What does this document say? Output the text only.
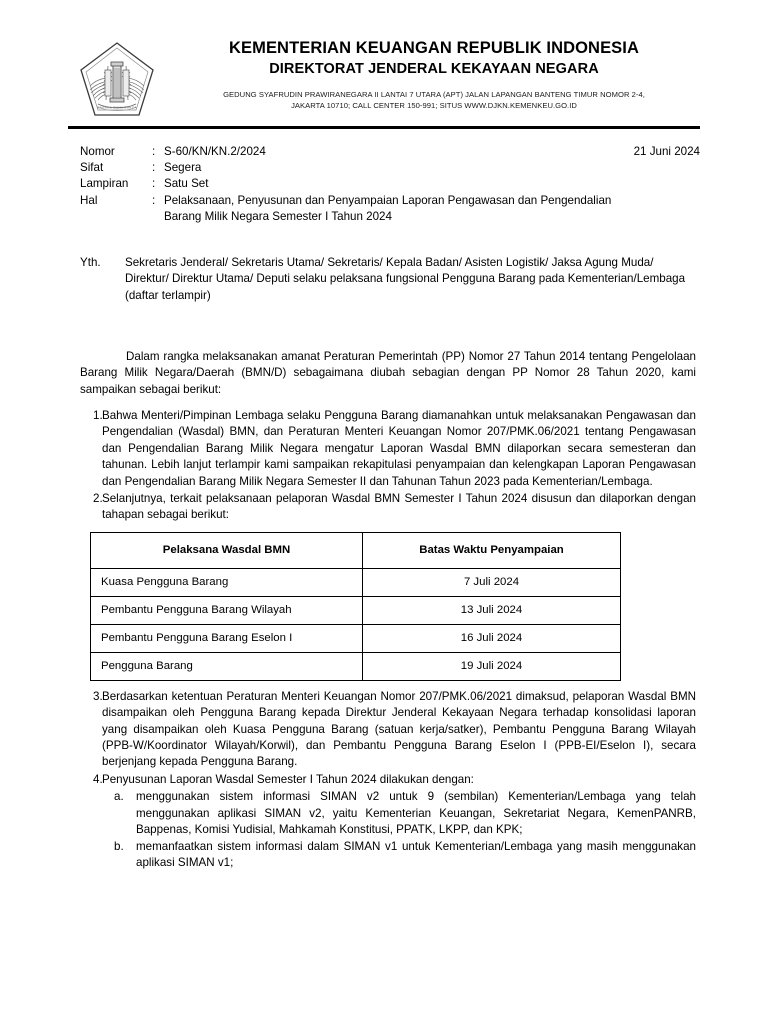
NAGARA DANA RAKCA
KEMENTERIAN KEUANGAN REPUBLIK INDONESIA
DIREKTORAT JENDERAL KEKAYAAN NEGARA
GEDUNG SYAFRUDIN PRAWIRANEGARA II LANTAI 7 UTARA (APT) JALAN LAPANGAN BANTENG TIMUR NOMOR 2-4,
JAKARTA 10710; CALL CENTER 150-991; SITUS WWW.DJKN.KEMENKEU.GO.ID
21 Juni 2024
Nomor	: S-60/KN/KN.2/2024
Sifat	: Segera
Lampiran	: Satu Set
Hal	: Pelaksanaan, Penyusunan dan Penyampaian Laporan Pengawasan dan Pengendalian Barang Milik Negara Semester I Tahun 2024
Yth.	Sekretaris Jenderal/ Sekretaris Utama/ Sekretaris/ Kepala Badan/ Asisten Logistik/ Jaksa Agung Muda/ Direktur/ Direktur Utama/ Deputi selaku pelaksana fungsional Pengguna Barang pada Kementerian/Lembaga
(daftar terlampir)
Dalam rangka melaksanakan amanat Peraturan Pemerintah (PP) Nomor 27 Tahun 2014 tentang Pengelolaan Barang Milik Negara/Daerah (BMN/D) sebagaimana diubah sebagian dengan PP Nomor 28 Tahun 2020, kami sampaikan sebagai berikut:
1. Bahwa Menteri/Pimpinan Lembaga selaku Pengguna Barang diamanahkan untuk melaksanakan Pengawasan dan Pengendalian (Wasdal) BMN, dan Peraturan Menteri Keuangan Nomor 207/PMK.06/2021 tentang Pengawasan dan Pengendalian Barang Milik Negara mengatur Laporan Wasdal BMN dilaporkan secara semesteran dan tahunan. Lebih lanjut terlampir kami sampaikan rekapitulasi penyampaian dan kelengkapan Laporan Pengawasan dan Pengendalian Barang Milik Negara Semester II dan Tahunan Tahun 2023 pada Kementerian/Lembaga.
2. Selanjutnya, terkait pelaksanaan pelaporan Wasdal BMN Semester I Tahun 2024 disusun dan dilaporkan dengan tahapan sebagai berikut:
Pelaksana Wasdal BMN	Batas Waktu Penyampaian
Kuasa Pengguna Barang	7 Juli 2024
Pembantu Pengguna Barang Wilayah	13 Juli 2024
Pembantu Pengguna Barang Eselon I	16 Juli 2024
Pengguna Barang	19 Juli 2024
3. Berdasarkan ketentuan Peraturan Menteri Keuangan Nomor 207/PMK.06/2021 dimaksud, pelaporan Wasdal BMN disampaikan oleh Pengguna Barang kepada Direktur Jenderal Kekayaan Negara terhadap konsolidasi laporan yang disampaikan oleh Kuasa Pengguna Barang (satuan kerja/satker), Pembantu Pengguna Barang Wilayah (PPB-W/Koordinator Wilayah/Korwil), dan Pembantu Pengguna Barang Eselon I (PPB-EI/Eselon I), secara berjenjang kepada Pengguna Barang.
4. Penyusunan Laporan Wasdal Semester I Tahun 2024 dilakukan dengan:
a.	menggunakan sistem informasi SIMAN v2 untuk 9 (sembilan) Kementerian/Lembaga yang telah menggunakan aplikasi SIMAN v2, yaitu Kementerian Keuangan, Sekretariat Negara, KemenPANRB, Bappenas, Komisi Yudisial, Mahkamah Konstitusi, PPATK, LKPP, dan KPK;
b.	memanfaatkan sistem informasi dalam SIMAN v1 untuk Kementerian/Lembaga yang masih menggunakan aplikasi SIMAN v1;
